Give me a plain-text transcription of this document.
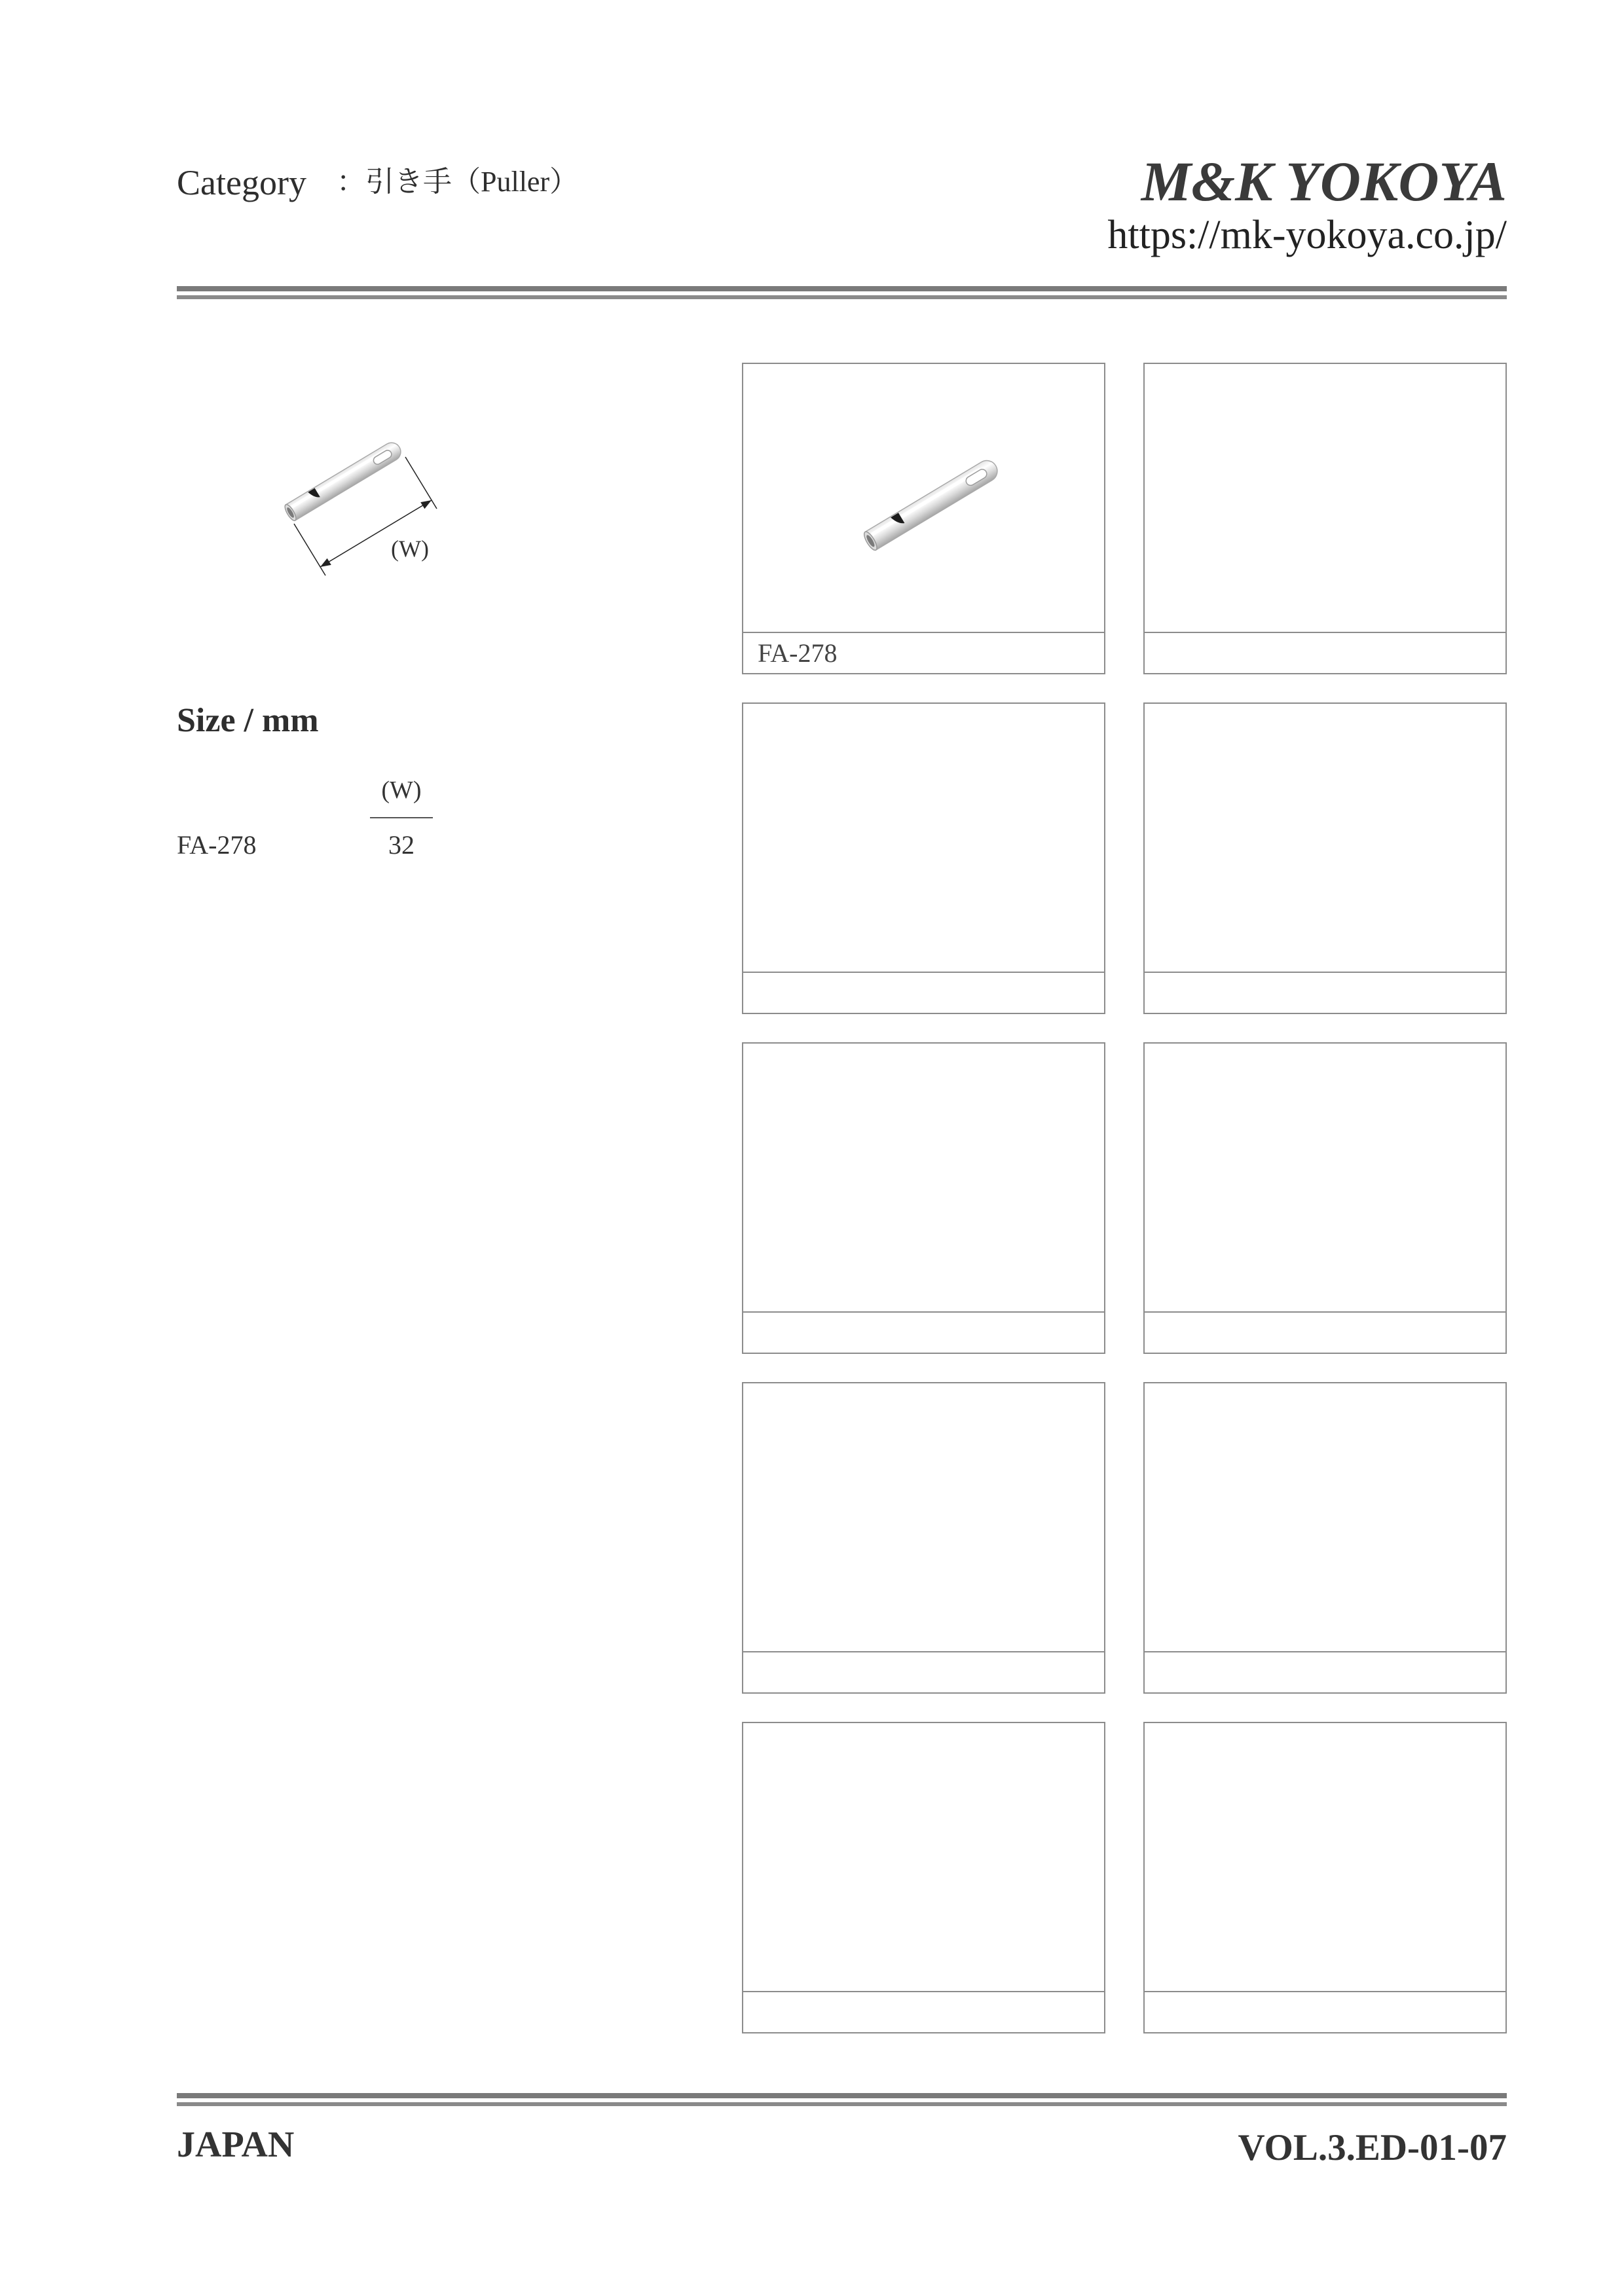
Category ：引き手（Puller）	M&K YOKOYA
https://mk-yokoya.co.jp/
(W)
Size / mm
(W)
FA-278	32
FA-278
JAPAN	VOL.3.ED-01-07
